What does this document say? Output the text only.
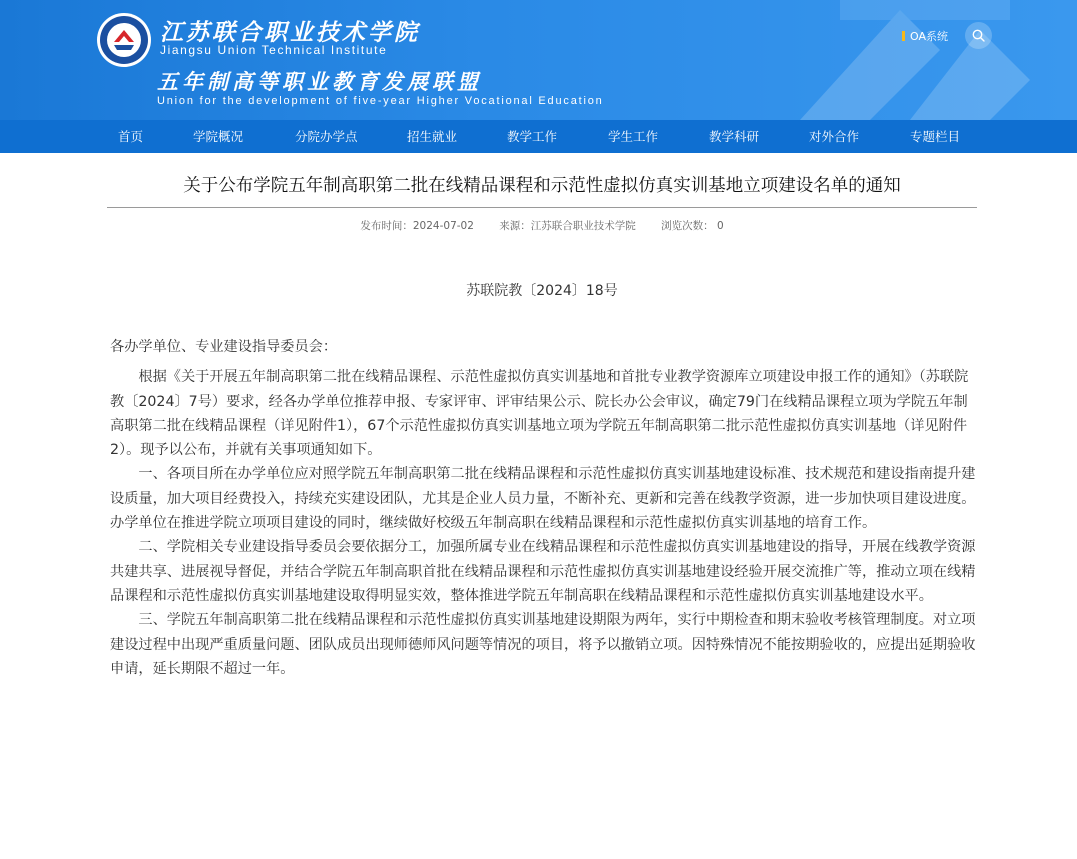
江苏联合职业技术学院
Jiangsu Union Technical Institute
五年制高等职业教育发展联盟
Union for the development of five-year Higher Vocational Education
OA系统
首页	学院概况	分院办学点	招生就业	教学工作	学生工作	教学科研	对外合作	专题栏目
关于公布学院五年制高职第二批在线精品课程和示范性虚拟仿真实训基地立项建设名单的通知
发布时间：2024-07-02 来源：江苏联合职业技术学院 浏览次数： 0
苏联院教〔2024〕18号

各办学单位、专业建设指导委员会：

根据《关于开展五年制高职第二批在线精品课程、示范性虚拟仿真实训基地和首批专业教学资源库立项建设申报工作的通知》（苏联院教〔2024〕7号）要求，经各办学单位推荐申报、专家评审、评审结果公示、院长办公会审议，确定79门在线精品课程立项为学院五年制高职第二批在线精品课程（详见附件1），67个示范性虚拟仿真实训基地立项为学院五年制高职第二批示范性虚拟仿真实训基地（详见附件2）。现予以公布，并就有关事项通知如下。

一、各项目所在办学单位应对照学院五年制高职第二批在线精品课程和示范性虚拟仿真实训基地建设标准、技术规范和建设指南提升建设质量，加大项目经费投入，持续充实建设团队，尤其是企业人员力量，不断补充、更新和完善在线教学资源，进一步加快项目建设进度。办学单位在推进学院立项项目建设的同时，继续做好校级五年制高职在线精品课程和示范性虚拟仿真实训基地的培育工作。

二、学院相关专业建设指导委员会要依据分工，加强所属专业在线精品课程和示范性虚拟仿真实训基地建设的指导，开展在线教学资源共建共享、进展视导督促，并结合学院五年制高职首批在线精品课程和示范性虚拟仿真实训基地建设经验开展交流推广等，推动立项在线精品课程和示范性虚拟仿真实训基地建设取得明显实效，整体推进学院五年制高职在线精品课程和示范性虚拟仿真实训基地建设水平。

三、学院五年制高职第二批在线精品课程和示范性虚拟仿真实训基地建设期限为两年，实行中期检查和期末验收考核管理制度。对立项建设过程中出现严重质量问题、团队成员出现师德师风问题等情况的项目，将予以撤销立项。因特殊情况不能按期验收的，应提出延期验收申请，延长期限不超过一年。
